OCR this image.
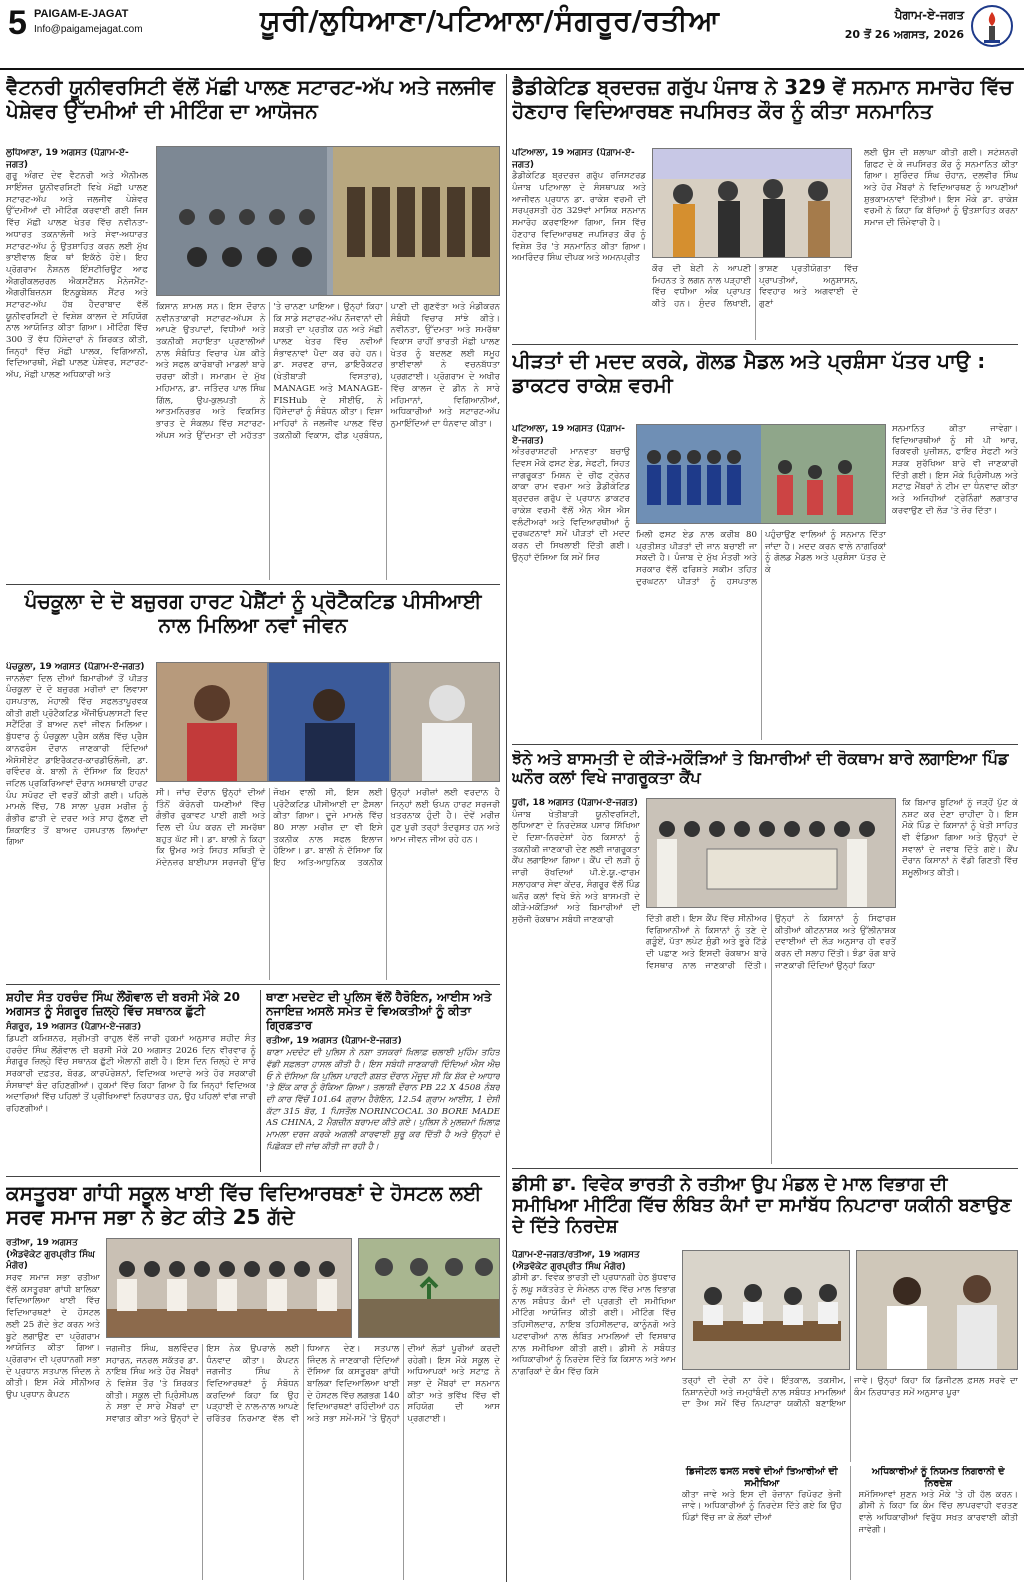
5 PAIGAM-E-JAGAT
Info@paigamejagat.com	ਯੂਰੀ/ਲੁਧਿਆਣਾ/ਪਟਿਆਲਾ/ਸੰਗਰੂਰ/ਰਤੀਆ	ਪੈਗਾਮ-ਏ-ਜਗਤ
20 ਤੋਂ 26 ਅਗਸਤ, 2026
ਵੈਟਨਰੀ ਯੂਨੀਵਰਸਿਟੀ ਵੱਲੋਂ ਮੱਛੀ ਪਾਲਣ ਸਟਾਰਟ-ਅੱਪ ਅਤੇ ਜਲਜੀਵ ਪੇਸ਼ੇਵਰ ਉੱਦਮੀਆਂ ਦੀ ਮੀਟਿੰਗ ਦਾ ਆਯੋਜਨ
ਲੁਧਿਆਣਾ, 19 ਅਗਸਤ (ਪੈਗ਼ਾਮ-ਏ-ਜਗਤ)
ਗੁਰੂ ਅੰਗਦ ਦੇਵ ਵੈਟਨਰੀ ਅਤੇ ਐਨੀਮਲ ਸਾਇੰਸਜ਼ ਯੂਨੀਵਰਸਿਟੀ ਵਿਖੇ ਮੱਛੀ ਪਾਲਣ ਸਟਾਰਟ-ਅੱਪ ਅਤੇ ਜਲਜੀਵ ਪੇਸ਼ੇਵਰ ਉੱਦਮੀਆਂ ਦੀ ਮੀਟਿੰਗ ਕਰਵਾਈ ਗਈ ਜਿਸ ਵਿੱਚ ਮੱਛੀ ਪਾਲਣ ਖੇਤਰ ਵਿੱਚ ਨਵੀਨਤਾ-ਅਧਾਰਤ ਤਕਨਾਲੋਜੀ ਅਤੇ ਸੇਵਾ-ਅਧਾਰਤ ਸਟਾਰਟ-ਅੱਪ ਨੂੰ ਉਤਸ਼ਾਹਿਤ ਕਰਨ ਲਈ ਮੁੱਖ ਭਾਈਵਾਲ ਇਕ ਥਾਂ ਇਕੱਠੇ ਹੋਏ। ਇਹ ਪ੍ਰੋਗਰਾਮ ਨੈਸ਼ਨਲ ਇੰਸਟੀਚਿਊਟ ਆਫ ਐਗਰੀਕਲਚਰਲ ਐਕਸਟੈਂਸ਼ਨ ਮੈਨੇਜਮੈਂਟ-ਐਗਰੀਬਿਜ਼ਨਸ ਇਨਕੂਬੇਸ਼ਨ ਸੈਂਟਰ ਅਤੇ ਸਟਾਰਟ-ਅੱਪ ਹੱਬ ਹੈਦਰਾਬਾਦ ਵੱਲੋਂ ਯੂਨੀਵਰਸਿਟੀ ਦੇ ਵਿਸ਼ੇਸ਼ ਕਾਲਜ ਦੇ ਸਹਿਯੋਗ ਨਾਲ ਆਯੋਜਿਤ ਕੀਤਾ ਗਿਆ। ਮੀਟਿੰਗ ਵਿੱਚ 300 ਤੋਂ ਵੱਧ ਹਿੱਸੇਦਾਰਾਂ ਨੇ ਸ਼ਿਰਕਤ ਕੀਤੀ, ਜਿਨ੍ਹਾਂ ਵਿੱਚ ਮੱਛੀ ਪਾਲਕ, ਵਿਗਿਆਨੀ, ਵਿਦਿਆਰਥੀ, ਮੱਛੀ ਪਾਲਣ ਪੇਸ਼ੇਵਰ, ਸਟਾਰਟ-ਅੱਪ, ਮੱਛੀ ਪਾਲਣ ਅਧਿਕਾਰੀ ਅਤੇ
ਕਿਸਾਨ ਸ਼ਾਮਲ ਸਨ। ਇਸ ਦੌਰਾਨ ਨਵੀਨਤਾਕਾਰੀ ਸਟਾਰਟ-ਅੱਪਸ ਨੇ ਆਪਣੇ ਉਤਪਾਦਾਂ, ਵਿਧੀਆਂ ਅਤੇ ਤਕਨੀਕੀ ਸਹਾਇਤਾ ਪ੍ਰਣਾਲੀਆਂ ਨਾਲ ਸੰਬੰਧਿਤ ਵਿਚਾਰ ਪੇਸ਼ ਕੀਤੇ ਅਤੇ ਸਫਲ ਕਾਰੋਬਾਰੀ ਮਾਡਲਾਂ ਬਾਰੇ ਚਰਚਾ ਕੀਤੀ। ਸਮਾਗਮ ਦੇ ਮੁੱਖ ਮਹਿਮਾਨ, ਡਾ. ਜਤਿੰਦਰ ਪਾਲ ਸਿੰਘ ਗਿੱਲ, ਉਪ-ਕੁਲਪਤੀ ਨੇ ਆਤਮਨਿਰਭਰ ਅਤੇ ਵਿਕਸਿਤ ਭਾਰਤ ਦੇ ਸੰਕਲਪ ਵਿੱਚ ਸਟਾਰਟ-ਅੱਪਸ ਅਤੇ ਉੱਦਮਤਾ ਦੀ ਮਹੱਤਤਾ 'ਤੇ ਚਾਨਣਾ ਪਾਇਆ। ਉਨ੍ਹਾਂ ਕਿਹਾ ਕਿ ਸਾਡੇ ਸਟਾਰਟ-ਅੱਪ ਨੌਜਵਾਨਾਂ ਦੀ ਸ਼ਕਤੀ ਦਾ ਪ੍ਰਤੀਕ ਹਨ ਅਤੇ ਮੱਛੀ ਪਾਲਣ ਖੇਤਰ ਵਿੱਚ ਨਵੀਆਂ ਸੰਭਾਵਨਾਵਾਂ ਪੈਦਾ ਕਰ ਰਹੇ ਹਨ। ਡਾ. ਸਰਵਣ ਰਾਜ, ਡਾਇਰੈਕਟਰ (ਖੇਤੀਬਾੜੀ ਵਿਸਤਾਰ), MANAGE ਅਤੇ MANAGE-FISHub ਦੇ ਸੀਈਓ, ਨੇ ਹਿੱਸੇਦਾਰਾਂ ਨੂੰ ਸੰਬੋਧਨ ਕੀਤਾ। ਵਿਸ਼ਾ ਮਾਹਿਰਾਂ ਨੇ ਜਲਜੀਵ ਪਾਲਣ ਵਿੱਚ ਤਕਨੀਕੀ ਵਿਕਾਸ, ਫੀਡ ਪ੍ਰਬੰਧਨ, ਪਾਣੀ ਦੀ ਗੁਣਵੱਤਾ ਅਤੇ ਮੰਡੀਕਰਨ ਸੰਬੰਧੀ ਵਿਚਾਰ ਸਾਂਝੇ ਕੀਤੇ। ਨਵੀਨਤਾ, ਉੱਦਮਤਾ ਅਤੇ ਸਮਰੱਥਾ ਵਿਕਾਸ ਰਾਹੀਂ ਭਾਰਤੀ ਮੱਛੀ ਪਾਲਣ ਖੇਤਰ ਨੂੰ ਬਦਲਣ ਲਈ ਸਮੂਹ ਭਾਈਵਾਲਾਂ ਨੇ ਵਚਨਬੱਧਤਾ ਪ੍ਰਗਟਾਈ। ਪ੍ਰੋਗਰਾਮ ਦੇ ਅਖੀਰ ਵਿੱਚ ਕਾਲਜ ਦੇ ਡੀਨ ਨੇ ਸਾਰੇ ਮਹਿਮਾਨਾਂ, ਵਿਗਿਆਨੀਆਂ, ਅਧਿਕਾਰੀਆਂ ਅਤੇ ਸਟਾਰਟ-ਅੱਪ ਨੁਮਾਇੰਦਿਆਂ ਦਾ ਧੰਨਵਾਦ ਕੀਤਾ।
ਪੰਚਕੂਲਾ ਦੇ ਦੋ ਬਜ਼ੁਰਗ ਹਾਰਟ ਪੇਸ਼ੈਂਟਾਂ ਨੂੰ ਪ੍ਰੋਟੈਕਟਿਡ ਪੀਸੀਆਈ ਨਾਲ ਮਿਲਿਆ ਨਵਾਂ ਜੀਵਨ
ਪੰਚਕੂਲਾ, 19 ਅਗਸਤ (ਪੈਗ਼ਾਮ-ਏ-ਜਗਤ)
ਜਾਨਲੇਵਾ ਦਿਲ ਦੀਆਂ ਬਿਮਾਰੀਆਂ ਤੋਂ ਪੀੜਤ ਪੰਚਕੂਲਾ ਦੇ ਦੋ ਬਜ਼ੁਰਗ ਮਰੀਜ਼ਾਂ ਦਾ ਲਿਵਾਸਾ ਹਸਪਤਾਲ, ਮੋਹਾਲੀ ਵਿੱਚ ਸਫਲਤਾਪੂਰਵਕ ਕੀਤੀ ਗਈ ਪ੍ਰੋਟੈਕਟਿਡ ਐਂਜੀਓਪਲਾਸਟੀ ਵਿਦ ਸਟੈਂਟਿੰਗ ਤੋਂ ਬਾਅਦ ਨਵਾਂ ਜੀਵਨ ਮਿਲਿਆ। ਬੁੱਧਵਾਰ ਨੂੰ ਪੰਚਕੂਲਾ ਪ੍ਰੈਸ ਕਲੱਬ ਵਿੱਚ ਪ੍ਰੈਸ ਕਾਨਫਰੰਸ ਦੌਰਾਨ ਜਾਣਕਾਰੀ ਦਿੰਦਿਆਂ ਐਸੋਸੀਏਟ ਡਾਇਰੈਕਟਰ-ਕਾਰਡੀਓਲੋਜੀ, ਡਾ. ਰਵਿੰਦਰ ਕੇ. ਬਾਲੀ ਨੇ ਦੱਸਿਆ ਕਿ ਇਹਨਾਂ ਜਟਿਲ ਪ੍ਰਕਿਰਿਆਵਾਂ ਦੌਰਾਨ ਅਸਥਾਈ ਹਾਰਟ ਪੰਪ ਸਪੋਰਟ ਦੀ ਵਰਤੋਂ ਕੀਤੀ ਗਈ। ਪਹਿਲੇ ਮਾਮਲੇ ਵਿੱਚ, 78 ਸਾਲਾ ਪੁਰਸ਼ ਮਰੀਜ਼ ਨੂੰ ਗੰਭੀਰ ਛਾਤੀ ਦੇ ਦਰਦ ਅਤੇ ਸਾਹ ਫੁੱਲਣ ਦੀ ਸ਼ਿਕਾਇਤ ਤੋਂ ਬਾਅਦ ਹਸਪਤਾਲ ਲਿਆਂਦਾ ਗਿਆ
ਸੀ। ਜਾਂਚ ਦੌਰਾਨ ਉਨ੍ਹਾਂ ਦੀਆਂ ਤਿੰਨੋਂ ਕੋਰੋਨਰੀ ਧਮਣੀਆਂ ਵਿੱਚ ਗੰਭੀਰ ਰੁਕਾਵਟ ਪਾਈ ਗਈ ਅਤੇ ਦਿਲ ਦੀ ਪੰਪ ਕਰਨ ਦੀ ਸਮਰੱਥਾ ਬਹੁਤ ਘੱਟ ਸੀ। ਡਾ. ਬਾਲੀ ਨੇ ਕਿਹਾ ਕਿ ਉਮਰ ਅਤੇ ਸਿਹਤ ਸਥਿਤੀ ਦੇ ਮੱਦੇਨਜ਼ਰ ਬਾਈਪਾਸ ਸਰਜਰੀ ਉੱਚ ਜੋਖਮ ਵਾਲੀ ਸੀ, ਇਸ ਲਈ ਪ੍ਰੋਟੈਕਟਿਡ ਪੀਸੀਆਈ ਦਾ ਫ਼ੈਸਲਾ ਕੀਤਾ ਗਿਆ। ਦੂਜੇ ਮਾਮਲੇ ਵਿੱਚ 80 ਸਾਲਾ ਮਰੀਜ਼ ਦਾ ਵੀ ਇਸੇ ਤਕਨੀਕ ਨਾਲ ਸਫਲ ਇਲਾਜ ਹੋਇਆ। ਡਾ. ਬਾਲੀ ਨੇ ਦੱਸਿਆ ਕਿ ਇਹ ਅਤਿ-ਆਧੁਨਿਕ ਤਕਨੀਕ ਉਨ੍ਹਾਂ ਮਰੀਜ਼ਾਂ ਲਈ ਵਰਦਾਨ ਹੈ ਜਿਨ੍ਹਾਂ ਲਈ ਓਪਨ ਹਾਰਟ ਸਰਜਰੀ ਖ਼ਤਰਨਾਕ ਹੁੰਦੀ ਹੈ। ਦੋਵੇਂ ਮਰੀਜ਼ ਹੁਣ ਪੂਰੀ ਤਰ੍ਹਾਂ ਤੰਦਰੁਸਤ ਹਨ ਅਤੇ ਆਮ ਜੀਵਨ ਜੀਅ ਰਹੇ ਹਨ।
ਸ਼ਹੀਦ ਸੰਤ ਹਰਚੰਦ ਸਿੰਘ ਲੌਂਗੋਵਾਲ ਦੀ ਬਰਸੀ ਮੌਕੇ 20 ਅਗਸਤ ਨੂੰ ਸੰਗਰੂਰ ਜ਼ਿਲ੍ਹੇ ਵਿੱਚ ਸਥਾਨਕ ਛੁੱਟੀ
ਸੰਗਰੂਰ, 19 ਅਗਸਤ (ਪੈਗ਼ਾਮ-ਏ-ਜਗਤ)
ਡਿਪਟੀ ਕਮਿਸ਼ਨਰ, ਸ਼੍ਰੀਮਤੀ ਰਾਹੁਲ ਵੱਲੋਂ ਜਾਰੀ ਹੁਕਮਾਂ ਅਨੁਸਾਰ ਸ਼ਹੀਦ ਸੰਤ ਹਰਚੰਦ ਸਿੰਘ ਲੌਂਗੋਵਾਲ ਦੀ ਬਰਸੀ ਮੌਕੇ 20 ਅਗਸਤ 2026 ਦਿਨ ਵੀਰਵਾਰ ਨੂੰ ਸੰਗਰੂਰ ਜ਼ਿਲ੍ਹੇ ਵਿੱਚ ਸਥਾਨਕ ਛੁੱਟੀ ਐਲਾਨੀ ਗਈ ਹੈ। ਇਸ ਦਿਨ ਜ਼ਿਲ੍ਹੇ ਦੇ ਸਾਰੇ ਸਰਕਾਰੀ ਦਫ਼ਤਰ, ਬੋਰਡ, ਕਾਰਪੋਰੇਸ਼ਨਾਂ, ਵਿਦਿਅਕ ਅਦਾਰੇ ਅਤੇ ਹੋਰ ਸਰਕਾਰੀ ਸੰਸਥਾਵਾਂ ਬੰਦ ਰਹਿਣਗੀਆਂ। ਹੁਕਮਾਂ ਵਿੱਚ ਕਿਹਾ ਗਿਆ ਹੈ ਕਿ ਜਿਨ੍ਹਾਂ ਵਿਦਿਅਕ ਅਦਾਰਿਆਂ ਵਿੱਚ ਪਹਿਲਾਂ ਤੋਂ ਪ੍ਰੀਖਿਆਵਾਂ ਨਿਰਧਾਰਤ ਹਨ, ਉਹ ਪਹਿਲਾਂ ਵਾਂਗ ਜਾਰੀ ਰਹਿਣਗੀਆਂ।
ਥਾਣਾ ਮਦਦੇਟ ਦੀ ਪੁਲਿਸ ਵੱਲੋਂ ਹੈਰੋਇਨ, ਆਈਸ ਅਤੇ ਨਜਾਇਜ਼ ਅਸਲੇ ਸਮੇਤ ਦੋ ਵਿਅਕਤੀਆਂ ਨੂੰ ਕੀਤਾ ਗ੍ਰਿਫ਼ਤਾਰ
ਰਤੀਆ, 19 ਅਗਸਤ (ਪੈਗ਼ਾਮ-ਏ-ਜਗਤ)
ਥਾਣਾ ਮਦਦੇਟ ਦੀ ਪੁਲਿਸ ਨੇ ਨਸ਼ਾ ਤਸਕਰਾਂ ਖ਼ਿਲਾਫ਼ ਚਲਾਈ ਮੁਹਿੰਮ ਤਹਿਤ ਵੱਡੀ ਸਫ਼ਲਤਾ ਹਾਸਲ ਕੀਤੀ ਹੈ। ਇਸ ਸਬੰਧੀ ਜਾਣਕਾਰੀ ਦਿੰਦਿਆਂ ਐਸ ਐਚ ਓ ਨੇ ਦੱਸਿਆ ਕਿ ਪੁਲਿਸ ਪਾਰਟੀ ਗਸ਼ਤ ਦੌਰਾਨ ਮੌਜੂਦ ਸੀ ਕਿ ਸ਼ੱਕ ਦੇ ਆਧਾਰ 'ਤੇ ਇੱਕ ਕਾਰ ਨੂੰ ਰੋਕਿਆ ਗਿਆ। ਤਲਾਸ਼ੀ ਦੌਰਾਨ PB 22 X 4508 ਨੰਬਰ ਦੀ ਕਾਰ ਵਿੱਚੋਂ 101.64 ਗ੍ਰਾਮ ਹੈਰੋਇਨ, 12.54 ਗ੍ਰਾਮ ਆਈਸ, 1 ਦੇਸੀ ਕੱਟਾ 315 ਬੋਰ, 1 ਪਿਸਤੌਲ NORINCOCAL 30 BORE MADE AS CHINA, 2 ਮੈਗਜ਼ੀਨ ਬਰਾਮਦ ਕੀਤੇ ਗਏ। ਪੁਲਿਸ ਨੇ ਮੁਲਜ਼ਮਾਂ ਖ਼ਿਲਾਫ਼ ਮਾਮਲਾ ਦਰਜ ਕਰਕੇ ਅਗਲੀ ਕਾਰਵਾਈ ਸ਼ੁਰੂ ਕਰ ਦਿੱਤੀ ਹੈ ਅਤੇ ਉਨ੍ਹਾਂ ਦੇ ਪਿਛੋਕੜ ਦੀ ਜਾਂਚ ਕੀਤੀ ਜਾ ਰਹੀ ਹੈ।
ਕਸਤੂਰਬਾ ਗਾਂਧੀ ਸਕੂਲ ਖਾਈ ਵਿੱਚ ਵਿਦਿਆਰਥਣਾਂ ਦੇ ਹੋਸਟਲ ਲਈ ਸਰਵ ਸਮਾਜ ਸਭਾ ਨੇ ਭੇਟ ਕੀਤੇ 25 ਗੱਦੇ
ਰਤੀਆ, 19 ਅਗਸਤ (ਐਡਵੋਕੇਟ ਗੁਰਪ੍ਰੀਤ ਸਿੰਘ ਮੰਗੋਰ)
ਸਰਵ ਸਮਾਜ ਸਭਾ ਰਤੀਆ ਵੱਲੋਂ ਕਸਤੂਰਬਾ ਗਾਂਧੀ ਬਾਲਿਕਾ ਵਿਦਿਆਲਿਆ ਖਾਈ ਵਿੱਚ ਵਿਦਿਆਰਥਣਾਂ ਦੇ ਹੋਸਟਲ ਲਈ 25 ਗੱਦੇ ਭੇਟ ਕਰਨ ਅਤੇ ਬੂਟੇ ਲਗਾਉਣ ਦਾ ਪ੍ਰੋਗਰਾਮ ਆਯੋਜਿਤ ਕੀਤਾ ਗਿਆ। ਪ੍ਰੋਗਰਾਮ ਦੀ ਪ੍ਰਧਾਨਗੀ ਸਭਾ ਦੇ ਪ੍ਰਧਾਨ ਸਤਪਾਲ ਜਿੰਦਲ ਨੇ ਕੀਤੀ। ਇਸ ਮੌਕੇ ਸੀਨੀਅਰ ਉਪ ਪ੍ਰਧਾਨ ਕੈਪਟਨ
ਜਗਜੀਤ ਸਿੰਘ, ਬਲਵਿੰਦਰ ਸਹਾਰਨ, ਜਨਰਲ ਸਕੱਤਰ ਡਾ. ਨਾਇਬ ਸਿੰਘ ਅਤੇ ਹੋਰ ਮੈਂਬਰਾਂ ਨੇ ਵਿਸ਼ੇਸ਼ ਤੌਰ 'ਤੇ ਸ਼ਿਰਕਤ ਕੀਤੀ। ਸਕੂਲ ਦੀ ਪ੍ਰਿੰਸੀਪਲ ਨੇ ਸਭਾ ਦੇ ਸਾਰੇ ਮੈਂਬਰਾਂ ਦਾ ਸਵਾਗਤ ਕੀਤਾ ਅਤੇ ਉਨ੍ਹਾਂ ਦੇ ਇਸ ਨੇਕ ਉਪਰਾਲੇ ਲਈ ਧੰਨਵਾਦ ਕੀਤਾ। ਕੈਪਟਨ ਜਗਜੀਤ ਸਿੰਘ ਨੇ ਵਿਦਿਆਰਥਣਾਂ ਨੂੰ ਸੰਬੋਧਨ ਕਰਦਿਆਂ ਕਿਹਾ ਕਿ ਉਹ ਪੜ੍ਹਾਈ ਦੇ ਨਾਲ-ਨਾਲ ਆਪਣੇ ਚਰਿੱਤਰ ਨਿਰਮਾਣ ਵੱਲ ਵੀ ਧਿਆਨ ਦੇਣ। ਸਤਪਾਲ ਜਿੰਦਲ ਨੇ ਜਾਣਕਾਰੀ ਦਿੰਦਿਆਂ ਦੱਸਿਆ ਕਿ ਕਸਤੂਰਬਾ ਗਾਂਧੀ ਬਾਲਿਕਾ ਵਿਦਿਆਲਿਆ ਖਾਈ ਦੇ ਹੋਸਟਲ ਵਿੱਚ ਲਗਭਗ 140 ਵਿਦਿਆਰਥਣਾਂ ਰਹਿੰਦੀਆਂ ਹਨ ਅਤੇ ਸਭਾ ਸਮੇਂ-ਸਮੇਂ 'ਤੇ ਉਨ੍ਹਾਂ ਦੀਆਂ ਲੋੜਾਂ ਪੂਰੀਆਂ ਕਰਦੀ ਰਹੇਗੀ। ਇਸ ਮੌਕੇ ਸਕੂਲ ਦੇ ਅਧਿਆਪਕਾਂ ਅਤੇ ਸਟਾਫ਼ ਨੇ ਸਭਾ ਦੇ ਮੈਂਬਰਾਂ ਦਾ ਸਨਮਾਨ ਕੀਤਾ ਅਤੇ ਭਵਿੱਖ ਵਿੱਚ ਵੀ ਸਹਿਯੋਗ ਦੀ ਆਸ ਪ੍ਰਗਟਾਈ।
ਡੈਡੀਕੇਟਿਡ ਬ੍ਰਦਰਜ਼ ਗਰੁੱਪ ਪੰਜਾਬ ਨੇ 329 ਵੇਂ ਸਨਮਾਨ ਸਮਾਰੋਹ ਵਿੱਚ ਹੋਣਹਾਰ ਵਿਦਿਆਰਥਣ ਜਪਸਿਰਤ ਕੌਰ ਨੂੰ ਕੀਤਾ ਸਨਮਾਨਿਤ
ਪਟਿਆਲਾ, 19 ਅਗਸਤ (ਪੈਗ਼ਾਮ-ਏ-ਜਗਤ)
ਡੈਡੀਕੇਟਿਡ ਬ੍ਰਦਰਜ਼ ਗਰੁੱਪ ਰਜਿਸਟਰਡ ਪੰਜਾਬ ਪਟਿਆਲਾ ਦੇ ਸੰਸਥਾਪਕ ਅਤੇ ਆਜੀਵਨ ਪ੍ਰਧਾਨ ਡਾ. ਰਾਕੇਸ਼ ਵਰਮੀ ਦੀ ਸਰਪ੍ਰਸਤੀ ਹੇਠ 329ਵਾਂ ਮਾਸਿਕ ਸਨਮਾਨ ਸਮਾਰੋਹ ਕਰਵਾਇਆ ਗਿਆ, ਜਿਸ ਵਿੱਚ ਹੋਣਹਾਰ ਵਿਦਿਆਰਥਣ ਜਪਸਿਰਤ ਕੌਰ ਨੂੰ ਵਿਸ਼ੇਸ਼ ਤੌਰ 'ਤੇ ਸਨਮਾਨਿਤ ਕੀਤਾ ਗਿਆ। ਅਮਰਿੰਦਰ ਸਿੰਘ ਦੀਪਕ ਅਤੇ ਅਮਨਪ੍ਰੀਤ
ਕੌਰ ਦੀ ਬੇਟੀ ਨੇ ਆਪਣੀ ਮਿਹਨਤ ਤੇ ਲਗਨ ਨਾਲ ਪੜ੍ਹਾਈ ਵਿੱਚ ਵਧੀਆ ਅੰਕ ਪ੍ਰਾਪਤ ਕੀਤੇ ਹਨ। ਸੁੰਦਰ ਲਿਖਾਈ, ਭਾਸ਼ਣ ਪ੍ਰਤੀਯੋਗਤਾ ਵਿੱਚ ਪ੍ਰਾਪਤੀਆਂ, ਅਨੁਸ਼ਾਸਨ, ਵਿਵਹਾਰ ਅਤੇ ਅਗਵਾਈ ਦੇ ਗੁਣਾਂ
ਲਈ ਉਸ ਦੀ ਸ਼ਲਾਘਾ ਕੀਤੀ ਗਈ। ਸਟੇਸ਼ਨਰੀ ਗਿਫਟ ਦੇ ਕੇ ਜਪਸਿਰਤ ਕੌਰ ਨੂੰ ਸਨਮਾਨਿਤ ਕੀਤਾ ਗਿਆ। ਸੁਰਿੰਦਰ ਸਿੰਘ ਚੌਹਾਨ, ਦਲਵੀਰ ਸਿੰਘ ਅਤੇ ਹੋਰ ਮੈਂਬਰਾਂ ਨੇ ਵਿਦਿਆਰਥਣ ਨੂੰ ਆਪਣੀਆਂ ਸ਼ੁਭਕਾਮਨਾਵਾਂ ਦਿੱਤੀਆਂ। ਇਸ ਮੌਕੇ ਡਾ. ਰਾਕੇਸ਼ ਵਰਮੀ ਨੇ ਕਿਹਾ ਕਿ ਬੱਚਿਆਂ ਨੂੰ ਉਤਸ਼ਾਹਿਤ ਕਰਨਾ ਸਮਾਜ ਦੀ ਜ਼ਿੰਮੇਵਾਰੀ ਹੈ।
ਪੀੜਤਾਂ ਦੀ ਮਦਦ ਕਰਕੇ, ਗੋਲਡ ਮੈਡਲ ਅਤੇ ਪ੍ਰਸ਼ੰਸਾ ਪੱਤਰ ਪਾਉ : ਡਾਕਟਰ ਰਾਕੇਸ਼ ਵਰਮੀ
ਪਟਿਆਲਾ, 19 ਅਗਸਤ (ਪੈਗ਼ਾਮ-ਏ-ਜਗਤ)
ਅੰਤਰਰਾਸ਼ਟਰੀ ਮਾਨਵਤਾ ਬਚਾਉ ਦਿਵਸ ਮੌਕੇ ਫਸਟ ਏਡ, ਸੇਫਟੀ, ਸਿਹਤ ਜਾਗਰੂਕਤਾ ਮਿਸ਼ਨ ਦੇ ਚੀਫ ਟ੍ਰੇਨਰ ਕਾਕਾ ਰਾਮ ਵਰਮਾ ਅਤੇ ਡੈਡੀਕੇਟਿਡ ਬ੍ਰਦਰਜ਼ ਗਰੁੱਪ ਦੇ ਪ੍ਰਧਾਨ ਡਾਕਟਰ ਰਾਕੇਸ਼ ਵਰਮੀ ਵੱਲੋਂ ਐਨ ਐਸ ਐਸ ਵਲੰਟੀਅਰਾਂ ਅਤੇ ਵਿਦਿਆਰਥੀਆਂ ਨੂੰ ਦੁਰਘਟਨਾਵਾਂ ਸਮੇਂ ਪੀੜਤਾਂ ਦੀ ਮਦਦ ਕਰਨ ਦੀ ਸਿਖਲਾਈ ਦਿੱਤੀ ਗਈ। ਉਨ੍ਹਾਂ ਦੱਸਿਆ ਕਿ ਸਮੇਂ ਸਿਰ
ਮਿਲੀ ਫਸਟ ਏਡ ਨਾਲ ਕਰੀਬ 80 ਪ੍ਰਤੀਸ਼ਤ ਪੀੜਤਾਂ ਦੀ ਜਾਨ ਬਚਾਈ ਜਾ ਸਕਦੀ ਹੈ। ਪੰਜਾਬ ਦੇ ਮੁੱਖ ਮੰਤਰੀ ਅਤੇ ਸਰਕਾਰ ਵੱਲੋਂ ਫਰਿਸ਼ਤੇ ਸਕੀਮ ਤਹਿਤ ਦੁਰਘਟਨਾ ਪੀੜਤਾਂ ਨੂੰ ਹਸਪਤਾਲ ਪਹੁੰਚਾਉਣ ਵਾਲਿਆਂ ਨੂੰ ਸਨਮਾਨ ਦਿੱਤਾ ਜਾਂਦਾ ਹੈ। ਮਦਦ ਕਰਨ ਵਾਲੇ ਨਾਗਰਿਕਾਂ ਨੂੰ ਗੋਲਡ ਮੈਡਲ ਅਤੇ ਪ੍ਰਸ਼ੰਸਾ ਪੱਤਰ ਦੇ ਕੇ
ਸਨਮਾਨਿਤ ਕੀਤਾ ਜਾਵੇਗਾ। ਵਿਦਿਆਰਥੀਆਂ ਨੂੰ ਸੀ ਪੀ ਆਰ, ਰਿਕਵਰੀ ਪੁਜ਼ੀਸ਼ਨ, ਫਾਇਰ ਸੇਫਟੀ ਅਤੇ ਸੜਕ ਸੁਰੱਖਿਆ ਬਾਰੇ ਵੀ ਜਾਣਕਾਰੀ ਦਿੱਤੀ ਗਈ। ਇਸ ਮੌਕੇ ਪ੍ਰਿੰਸੀਪਲ ਅਤੇ ਸਟਾਫ਼ ਮੈਂਬਰਾਂ ਨੇ ਟੀਮ ਦਾ ਧੰਨਵਾਦ ਕੀਤਾ ਅਤੇ ਅਜਿਹੀਆਂ ਟ੍ਰੇਨਿੰਗਾਂ ਲਗਾਤਾਰ ਕਰਵਾਉਣ ਦੀ ਲੋੜ 'ਤੇ ਜ਼ੋਰ ਦਿੱਤਾ।
ਝੋਨੇ ਅਤੇ ਬਾਸਮਤੀ ਦੇ ਕੀੜੇ-ਮਕੌੜਿਆਂ ਤੇ ਬਿਮਾਰੀਆਂ ਦੀ ਰੋਕਥਾਮ ਬਾਰੇ ਲਗਾਇਆ ਪਿੰਡ ਘਨੌਰ ਕਲਾਂ ਵਿਖੇ ਜਾਗਰੂਕਤਾ ਕੈਂਪ
ਧੂਰੀ, 18 ਅਗਸਤ (ਪੈਗ਼ਾਮ-ਏ-ਜਗਤ)
ਪੰਜਾਬ ਖੇਤੀਬਾੜੀ ਯੂਨੀਵਰਸਿਟੀ, ਲੁਧਿਆਣਾ ਦੇ ਨਿਰਦੇਸ਼ਕ ਪਸਾਰ ਸਿੱਖਿਆ ਦੇ ਦਿਸ਼ਾ-ਨਿਰਦੇਸ਼ਾਂ ਹੇਠ ਕਿਸਾਨਾਂ ਨੂੰ ਤਕਨੀਕੀ ਜਾਣਕਾਰੀ ਦੇਣ ਲਈ ਜਾਗਰੂਕਤਾ ਕੈਂਪ ਲਗਾਇਆ ਗਿਆ। ਕੈਂਪ ਦੀ ਲੜੀ ਨੂੰ ਜਾਰੀ ਰੱਖਦਿਆਂ ਪੀ.ਏ.ਯੂ.-ਫਾਰਮ ਸਲਾਹਕਾਰ ਸੇਵਾ ਕੇਂਦਰ, ਸੰਗਰੂਰ ਵੱਲੋਂ ਪਿੰਡ ਘਨੌਰ ਕਲਾਂ ਵਿਖੇ ਝੋਨੇ ਅਤੇ ਬਾਸਮਤੀ ਦੇ ਕੀੜੇ-ਮਕੌੜਿਆਂ ਅਤੇ ਬਿਮਾਰੀਆਂ ਦੀ ਸੁਚੱਜੀ ਰੋਕਥਾਮ ਸਬੰਧੀ ਜਾਣਕਾਰੀ	ਦਿੱਤੀ ਗਈ। ਇਸ ਕੈਂਪ ਵਿੱਚ ਸੀਨੀਅਰ ਵਿਗਿਆਨੀਆਂ ਨੇ ਕਿਸਾਨਾਂ ਨੂੰ ਤਣੇ ਦੇ ਗੜੂੰਏਂ, ਪੱਤਾ ਲਪੇਟ ਸੁੰਡੀ ਅਤੇ ਭੂਰੇ ਟਿੱਡੇ ਦੀ ਪਛਾਣ ਅਤੇ ਇਸਦੀ ਰੋਕਥਾਮ ਬਾਰੇ ਵਿਸਥਾਰ ਨਾਲ ਜਾਣਕਾਰੀ ਦਿੱਤੀ। ਉਨ੍ਹਾਂ ਨੇ ਕਿਸਾਨਾਂ ਨੂੰ ਸਿਫਾਰਸ਼ ਕੀਤੀਆਂ ਕੀਟਨਾਸ਼ਕ ਅਤੇ ਉੱਲੀਨਾਸ਼ਕ ਦਵਾਈਆਂ ਦੀ ਲੋੜ ਅਨੁਸਾਰ ਹੀ ਵਰਤੋਂ ਕਰਨ ਦੀ ਸਲਾਹ ਦਿੱਤੀ। ਝੰਡਾ ਰੋਗ ਬਾਰੇ ਜਾਣਕਾਰੀ ਦਿੰਦਿਆਂ ਉਨ੍ਹਾਂ ਕਿਹਾ
ਕਿ ਬਿਮਾਰ ਬੂਟਿਆਂ ਨੂੰ ਜੜ੍ਹੋਂ ਪੁੱਟ ਕੇ ਨਸ਼ਟ ਕਰ ਦੇਣਾ ਚਾਹੀਦਾ ਹੈ। ਇਸ ਮੌਕੇ ਪਿੰਡ ਦੇ ਕਿਸਾਨਾਂ ਨੂੰ ਖੇਤੀ ਸਾਹਿਤ ਵੀ ਵੰਡਿਆ ਗਿਆ ਅਤੇ ਉਨ੍ਹਾਂ ਦੇ ਸਵਾਲਾਂ ਦੇ ਜਵਾਬ ਦਿੱਤੇ ਗਏ। ਕੈਂਪ ਦੌਰਾਨ ਕਿਸਾਨਾਂ ਨੇ ਵੱਡੀ ਗਿਣਤੀ ਵਿੱਚ ਸ਼ਮੂਲੀਅਤ ਕੀਤੀ।
ਡੀਸੀ ਡਾ. ਵਿਵੇਕ ਭਾਰਤੀ ਨੇ ਰਤੀਆ ਉਪ ਮੰਡਲ ਦੇ ਮਾਲ ਵਿਭਾਗ ਦੀ ਸਮੀਖਿਆ ਮੀਟਿੰਗ ਵਿੱਚ ਲੰਬਿਤ ਕੰਮਾਂ ਦਾ ਸਮਾਂਬੱਧ ਨਿਪਟਾਰਾ ਯਕੀਨੀ ਬਣਾਉਣ ਦੇ ਦਿੱਤੇ ਨਿਰਦੇਸ਼
ਪੈਗ਼ਾਮ-ਏ-ਜਗਤ/ਰਤੀਆ, 19 ਅਗਸਤ (ਐਡਵੋਕੇਟ ਗੁਰਪ੍ਰੀਤ ਸਿੰਘ ਮੰਗੋਰ)
ਡੀਸੀ ਡਾ. ਵਿਵੇਕ ਭਾਰਤੀ ਦੀ ਪ੍ਰਧਾਨਗੀ ਹੇਠ ਬੁੱਧਵਾਰ ਨੂੰ ਲਘੂ ਸਕੱਤਰੇਤ ਦੇ ਸੰਮੇਲਨ ਹਾਲ ਵਿੱਚ ਮਾਲ ਵਿਭਾਗ ਨਾਲ ਸਬੰਧਤ ਕੰਮਾਂ ਦੀ ਪ੍ਰਗਤੀ ਦੀ ਸਮੀਖਿਆ ਮੀਟਿੰਗ ਆਯੋਜਿਤ ਕੀਤੀ ਗਈ। ਮੀਟਿੰਗ ਵਿੱਚ ਤਹਿਸੀਲਦਾਰ, ਨਾਇਬ ਤਹਿਸੀਲਦਾਰ, ਕਾਨੂੰਨਗੋ ਅਤੇ ਪਟਵਾਰੀਆਂ ਨਾਲ ਲੰਬਿਤ ਮਾਮਲਿਆਂ ਦੀ ਵਿਸਥਾਰ ਨਾਲ ਸਮੀਖਿਆ ਕੀਤੀ ਗਈ। ਡੀਸੀ ਨੇ ਸਬੰਧਤ ਅਧਿਕਾਰੀਆਂ ਨੂੰ ਨਿਰਦੇਸ਼ ਦਿੱਤੇ ਕਿ ਕਿਸਾਨ ਅਤੇ ਆਮ ਨਾਗਰਿਕਾਂ ਦੇ ਕੰਮ ਵਿੱਚ ਕਿਸੇ
ਤਰ੍ਹਾਂ ਦੀ ਦੇਰੀ ਨਾ ਹੋਵੇ। ਇੰਤਕਾਲ, ਤਕਸੀਮ, ਨਿਸ਼ਾਨਦੇਹੀ ਅਤੇ ਜਮ੍ਹਾਂਬੰਦੀ ਨਾਲ ਸਬੰਧਤ ਮਾਮਲਿਆਂ ਦਾ ਤੈਅ ਸਮੇਂ ਵਿੱਚ ਨਿਪਟਾਰਾ ਯਕੀਨੀ ਬਣਾਇਆ ਜਾਵੇ। ਉਨ੍ਹਾਂ ਕਿਹਾ ਕਿ ਡਿਜੀਟਲ ਫ਼ਸਲ ਸਰਵੇ ਦਾ ਕੰਮ ਨਿਰਧਾਰਤ ਸਮੇਂ ਅਨੁਸਾਰ ਪੂਰਾ
ਡਿਜੀਟਲ ਫਸਲ ਸਰਵੇ ਦੀਆਂ ਤਿਆਰੀਆਂ ਦੀ ਸਮੀਖਿਆ
ਕੀਤਾ ਜਾਵੇ ਅਤੇ ਇਸ ਦੀ ਰੋਜ਼ਾਨਾ ਰਿਪੋਰਟ ਭੇਜੀ ਜਾਵੇ। ਅਧਿਕਾਰੀਆਂ ਨੂੰ ਨਿਰਦੇਸ਼ ਦਿੱਤੇ ਗਏ ਕਿ ਉਹ ਪਿੰਡਾਂ ਵਿੱਚ ਜਾ ਕੇ ਲੋਕਾਂ ਦੀਆਂ
ਅਧਿਕਾਰੀਆਂ ਨੂੰ ਨਿਯਮਤ ਨਿਗਰਾਨੀ ਦੇ ਨਿਰਦੇਸ਼
ਸਮੱਸਿਆਵਾਂ ਸੁਣਨ ਅਤੇ ਮੌਕੇ 'ਤੇ ਹੀ ਹੱਲ ਕਰਨ। ਡੀਸੀ ਨੇ ਕਿਹਾ ਕਿ ਕੰਮ ਵਿੱਚ ਲਾਪਰਵਾਹੀ ਵਰਤਣ ਵਾਲੇ ਅਧਿਕਾਰੀਆਂ ਵਿਰੁੱਧ ਸਖ਼ਤ ਕਾਰਵਾਈ ਕੀਤੀ ਜਾਵੇਗੀ।
